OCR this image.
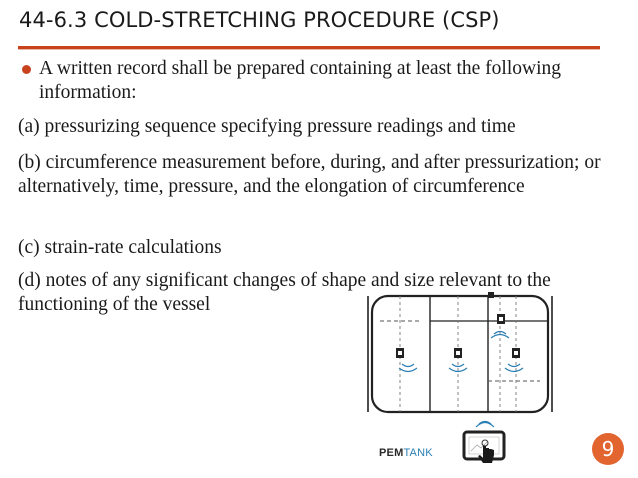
44-6.3 COLD-STRETCHING PROCEDURE (CSP)
A written record shall be prepared containing at least the following information:
(a) pressurizing sequence specifying pressure readings and time
(b) circumference measurement before, during, and after pressurization; or alternatively, time, pressure, and the elongation of circumference
(c) strain-rate calculations
(d) notes of any significant changes of shape and size relevant to the functioning of the vessel
PEMTANK	9
